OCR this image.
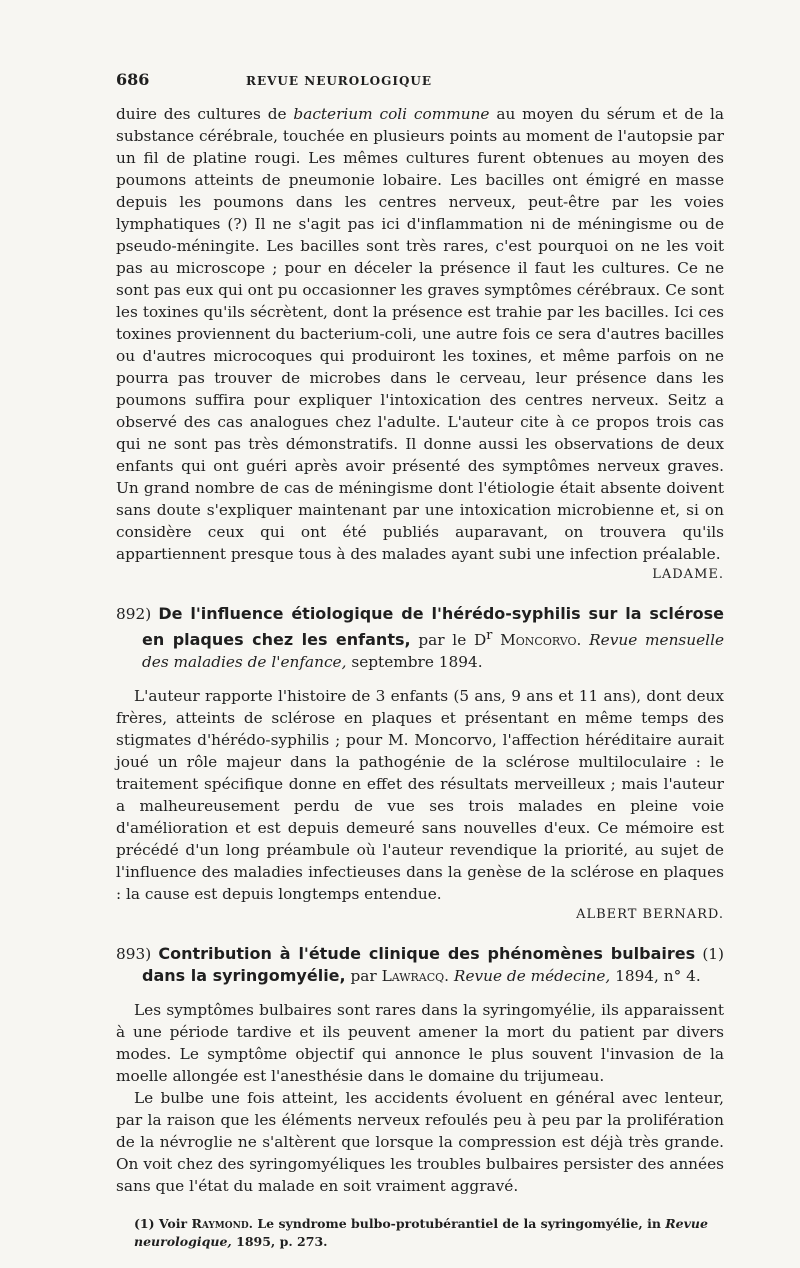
686	REVUE NEUROLOGIQUE

duire des cultures de bacterium coli commune au moyen du sérum et de la substance cérébrale, touchée en plusieurs points au moment de l'autopsie par un fil de platine rougi. Les mêmes cultures furent obtenues au moyen des poumons atteints de pneumonie lobaire. Les bacilles ont émigré en masse depuis les poumons dans les centres nerveux, peut-être par les voies lymphatiques (?) Il ne s'agit pas ici d'inflammation ni de méningisme ou de pseudo-méningite. Les bacilles sont très rares, c'est pourquoi on ne les voit pas au microscope ; pour en déceler la présence il faut les cultures. Ce ne sont pas eux qui ont pu occasionner les graves symptômes cérébraux. Ce sont les toxines qu'ils sécrètent, dont la présence est trahie par les bacilles. Ici ces toxines proviennent du bacterium-coli, une autre fois ce sera d'autres bacilles ou d'autres microcoques qui produiront les toxines, et même parfois on ne pourra pas trouver de microbes dans le cerveau, leur présence dans les poumons suffira pour expliquer l'intoxication des centres nerveux. Seitz a observé des cas analogues chez l'adulte. L'auteur cite à ce propos trois cas qui ne sont pas très démonstratifs. Il donne aussi les observations de deux enfants qui ont guéri après avoir présenté des symptômes nerveux graves. Un grand nombre de cas de méningisme dont l'étiologie était absente doivent sans doute s'expliquer maintenant par une intoxication microbienne et, si on considère ceux qui ont été publiés auparavant, on trouvera qu'ils appartiennent presque tous à des malades ayant subi une infection préalable.

LADAME.
892) De l'influence étiologique de l'hérédo-syphilis sur la sclérose en plaques chez les enfants, par le $D^r$ Moncorvo. Revue mensuelle des maladies de l'enfance, septembre 1894.

L'auteur rapporte l'histoire de 3 enfants (5 ans, 9 ans et 11 ans), dont deux frères, atteints de sclérose en plaques et présentant en même temps des stigmates d'hérédo-syphilis ; pour M. Moncorvo, l'affection héréditaire aurait joué un rôle majeur dans la pathogénie de la sclérose multiloculaire : le traitement spécifique donne en effet des résultats merveilleux ; mais l'auteur a malheureusement perdu de vue ses trois malades en pleine voie d'amélioration et est depuis demeuré sans nouvelles d'eux. Ce mémoire est précédé d'un long préambule où l'auteur revendique la priorité, au sujet de l'influence des maladies infectieuses dans la genèse de la sclérose en plaques : la cause est depuis longtemps entendue.

ALBERT BERNARD.
893) Contribution à l'étude clinique des phénomènes bulbaires (1) dans la syringomyélie, par Lawracq. Revue de médecine, 1894, n° 4.

Les symptômes bulbaires sont rares dans la syringomyélie, ils apparaissent à une période tardive et ils peuvent amener la mort du patient par divers modes. Le symptôme objectif qui annonce le plus souvent l'invasion de la moelle allongée est l'anesthésie dans le domaine du trijumeau.

Le bulbe une fois atteint, les accidents évoluent en général avec lenteur, par la raison que les éléments nerveux refoulés peu à peu par la prolifération de la névroglie ne s'altèrent que lorsque la compression est déjà très grande. On voit chez des syringomyéliques les troubles bulbaires persister des années sans que l'état du malade en soit vraiment aggravé.

(1) Voir Raymond. Le syndrome bulbo-protubérantiel de la syringomyélie, in Revue neurologique, 1895, p. 273.
